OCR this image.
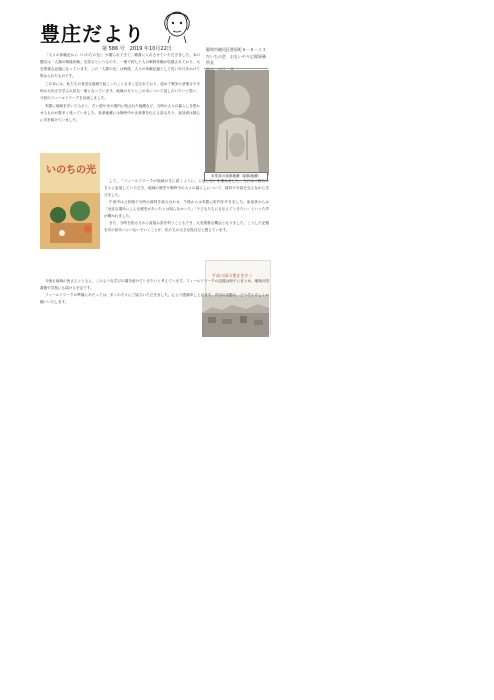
豊庄だより
第 586 号　2019 年10月22日

「人々の体験記から（いのちの光）」が贈られてきて、蔵書に入れさせていただきました。本の題名は「人類の戦後体験」を語るというもので、一冊で約七十人の戦時体験が収録されており、大変貴重な記録になっています。この「人類の光」は戦後、人々の体験記録として長い年月をかけて集められたものです。

この本には、私たちの身近な地域で起こったことも多く記されており、改めて戦争の悲惨さや平和の大切さを学ぶ大切な一冊となっています。地域の方々とこの本について話し合いたいと思い、今回のフィールドワークを計画しました。

実際に地域を歩いてみると、古い道や寺の境内に残された地蔵など、当時の人々の暮らしを思わせるものが数多く残っていました。延命地蔵には戦時中の出来事を伝える話もあり、参加者は熱心に耳を傾けていました。

静岡市駿河区豊原町８－８－１３
だいちの会　おもいやり広場事務所長
本堂前の延命地蔵（昭和地蔵）
いのちの光

して、「フィールドワークが地域の方に届くように」と話し合いを重ねました。当日は十数名の方々に参加していただき、地域の歴史や戦時中の人々の暮らしについて、資料や写真を交えながら学びました。

午前中は公民館で当時の資料を読み合わせ、午後からは実際に町内を歩きました。参加者からは「身近な場所にこんな歴史があったとは知らなかった」「子どもたちにも伝えていきたい」といった声が聞かれました。

また、当時を知る方から直接お話を伺うこともでき、大変貴重な機会となりました。こうした記憶を次の世代へとつないでいくことが、私たちの大きな役目だと感じています。

平成の頃の豊庄を歩く

今後も地域の皆さんとともに、このような学びの場を続けていきたいと考えています。フィールドワークの記録は冊子にまとめ、地域の図書館や学校にも届ける予定です。

フィールドワークの準備にあたっては、多くの方々にご協力いただきました。心より感謝申し上げます。次回の活動も、どうぞよろしくお願いいたします。
